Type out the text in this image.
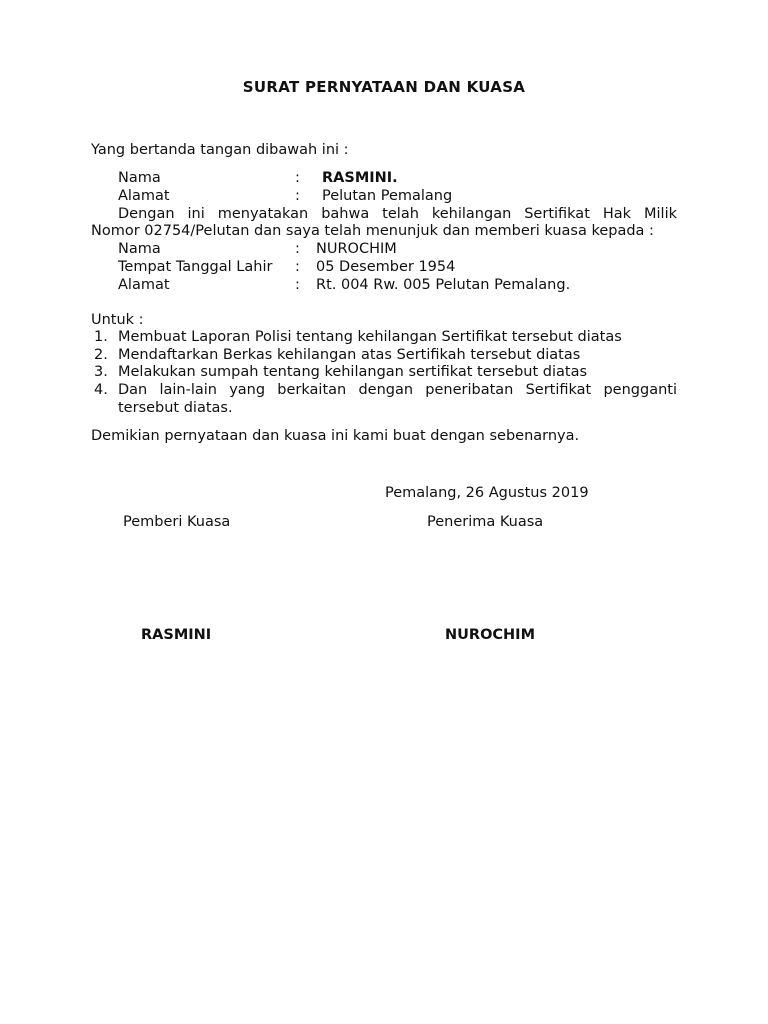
SURAT PERNYATAAN DAN KUASA
Yang bertanda tangan dibawah ini :
Nama	: RASMINI.
Alamat	: Pelutan Pemalang
Dengan ini menyatakan bahwa telah kehilangan Sertifikat Hak Milik
Nomor 02754/Pelutan dan saya telah menunjuk dan memberi kuasa kepada :
Nama	: NUROCHIM
Tempat Tanggal Lahir : 05 Desember 1954
Alamat	: Rt. 004 Rw. 005 Pelutan Pemalang.
Untuk :
1. Membuat Laporan Polisi tentang kehilangan Sertifikat tersebut diatas
2. Mendaftarkan Berkas kehilangan atas Sertifikah tersebut diatas
3. Melakukan sumpah tentang kehilangan sertifikat tersebut diatas
4. Dan lain-lain yang berkaitan dengan peneribatan Sertifikat pengganti
tersebut diatas.
Demikian pernyataan dan kuasa ini kami buat dengan sebenarnya.
Pemalang, 26 Agustus 2019
Pemberi Kuasa	Penerima Kuasa
RASMINI	NUROCHIM
